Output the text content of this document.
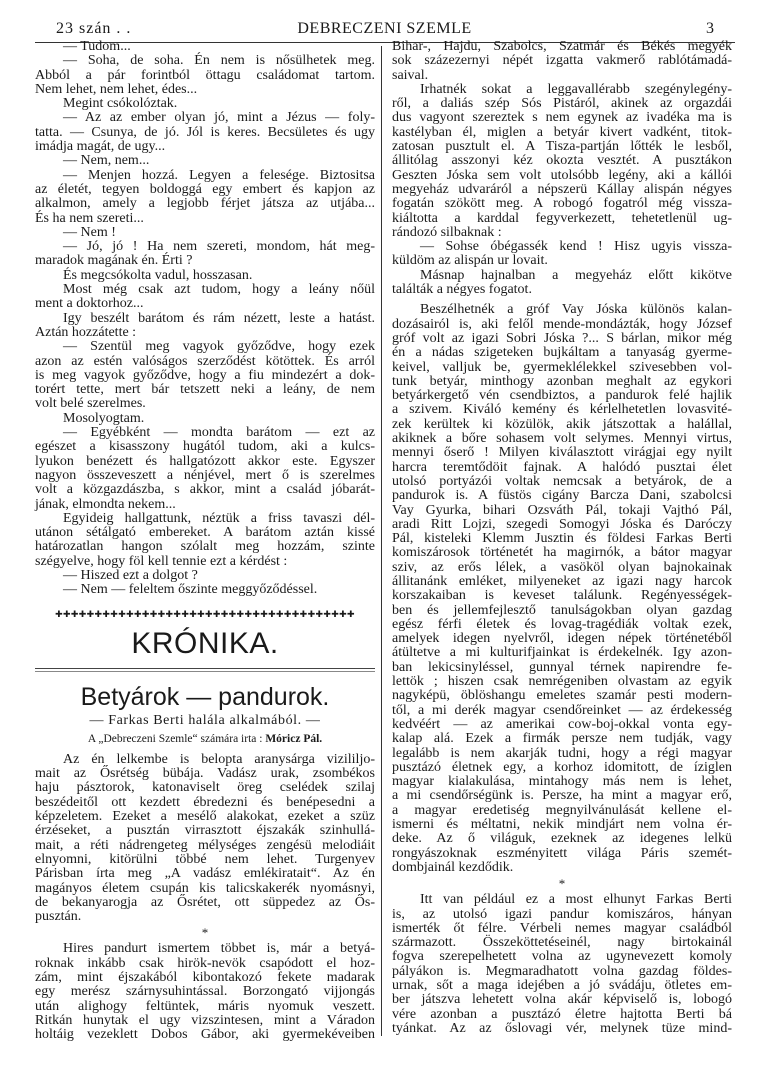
23 szán . .	DEBRECZENI SZEMLE	3
— Tudom...
— Soha, de soha. Én nem is nősülhetek meg.
Abból a pár forintból öttagu családomat tartom.
Nem lehet, nem lehet, édes...
Megint csókolóztak.
— Az az ember olyan jó, mint a Jézus — foly-
tatta. — Csunya, de jó. Jól is keres. Becsületes és ugy
imádja magát, de ugy...
— Nem, nem...
— Menjen hozzá. Legyen a felesége. Biztositsa
az életét, tegyen boldoggá egy embert és kapjon az
alkalmon, amely a legjobb férjet játsza az utjába...
És ha nem szereti...
— Nem !
— Jó, jó ! Ha nem szereti, mondom, hát meg-
maradok magának én. Érti ?
És megcsókolta vadul, hosszasan.
Most még csak azt tudom, hogy a leány nőül
ment a doktorhoz...
Igy beszélt barátom és rám nézett, leste a hatást.
Aztán hozzátette :
— Szentül meg vagyok győződve, hogy ezek
azon az estén valóságos szerződést kötöttek. És arról
is meg vagyok győződve, hogy a fiu mindezért a dok-
torért tette, mert bár tetszett neki a leány, de nem
volt belé szerelmes.
Mosolyogtam.
— Egyébként — mondta barátom — ezt az
egészet a kisasszony hugától tudom, aki a kulcs-
lyukon benézett és hallgatózott akkor este. Egyszer
nagyon összeveszett a nénjével, mert ő is szerelmes
volt a közgazdászba, s akkor, mint a család jóbarát-
jának, elmondta nekem...
Egyideig hallgattunk, néztük a friss tavaszi dél-
utánon sétálgató embereket. A barátom aztán kissé
határozatlan hangon szólalt meg hozzám, szinte
szégyelve, hogy föl kell tennie ezt a kérdést :
— Hiszed ezt a dolgot ?
— Nem — feleltem őszinte meggyőződéssel.
✚✚✚✚✚✚✚✚✚✚✚✚✚✚✚✚✚✚✚✚✚✚✚✚✚✚✚✚✚✚✚✚✚✚✚✚✚✚
KRÓNIKA.
Betyárok — pandurok.
— Farkas Berti halála alkalmából. —
A „Debreczeni Szemle“ számára irta : Móricz Pál.
Az én lelkembe is belopta aranysárga vizililjo-
mait az Ősrétség bübája. Vadász urak, zsombékos
haju pásztorok, katonaviselt öreg cselédek szilaj
beszédeitől ott kezdett ébredezni és benépesedni a
képzeletem. Ezeket a mesélő alakokat, ezeket a szüz
érzéseket, a pusztán virrasztott éjszakák szinhullá-
mait, a réti nádrengeteg mélységes zengésü melodiáit
elnyomni, kitörülni többé nem lehet. Turgenyev
Párisban írta meg „A vadász emlékiratait“. Az én
magányos életem csupán kis talicskakerék nyomásnyi,
de bekanyarogja az Ősrétet, ott süppedez az Ős-
pusztán.
*
Hires pandurt ismertem többet is, már a betyá-
roknak inkább csak hirök-nevök csapódott el hoz-
zám, mint éjszakából kibontakozó fekete madarak
egy merész szárnysuhintással. Borzongató vijjongás
után alighogy feltüntek, máris nyomuk veszett.
Ritkán hunytak el ugy vizszintesen, mint a Váradon
holtáig vezeklett Dobos Gábor, aki gyermekéveiben
Bihar-, Hajdu, Szabolcs, Szatmár és Békés megyék
sok százezernyi népét izgatta vakmerő rablótámadá-
saival.
Irhatnék sokat a leggavallérabb szegénylegény-
ről, a daliás szép Sós Pistáról, akinek az orgazdái
dus vagyont szereztek s nem egynek az ivadéka ma is
kastélyban él, miglen a betyár kivert vadként, titok-
zatosan pusztult el. A Tisza-partján lőtték le lesből,
állitólag asszonyi kéz okozta vesztét. A pusztákon
Geszten Jóska sem volt utolsóbb legény, aki a kállói
megyeház udvaráról a népszerü Kállay alispán négyes
fogatán szökött meg. A robogó fogatról még vissza-
kiáltotta a karddal fegyverkezett, tehetetlenül ug-
rándozó silbaknak :
— Sohse óbégassék kend ! Hisz ugyis vissza-
küldöm az alispán ur lovait.
Másnap hajnalban a megyeház előtt kikötve
találták a négyes fogatot.
Beszélhetnék a gróf Vay Jóska különös kalan-
dozásairól is, aki felől mende-mondázták, hogy József
gróf volt az igazi Sobri Jóska ?... S bárlan, mikor még
én a nádas szigeteken bujkáltam a tanyaság gyerme-
keivel, valljuk be, gyermeklélekkel szivesebben vol-
tunk betyár, minthogy azonban meghalt az egykori
betyárkergető vén csendbiztos, a pandurok felé hajlik
a szivem. Kiváló kemény és kérlelhetetlen lovasvité-
zek kerültek ki közülök, akik játszottak a halállal,
akiknek a bőre sohasem volt selymes. Mennyi virtus,
mennyi őserő ! Milyen kiválasztott virágjai egy nyilt
harcra teremtődöit fajnak. A halódó pusztai élet
utolsó portyázói voltak nemcsak a betyárok, de a
pandurok is. A füstös cigány Barcza Dani, szabolcsi
Vay Gyurka, bihari Ozsváth Pál, tokaji Vajthó Pál,
aradi Ritt Lojzi, szegedi Somogyi Jóska és Daróczy
Pál, kisteleki Klemm Jusztin és földesi Farkas Berti
komiszárosok történetét ha magirnók, a bátor magyar
sziv, az erős lélek, a vasököl olyan bajnokainak
állitanánk emléket, milyeneket az igazi nagy harcok
korszakaiban is keveset találunk. Regényességek-
ben és jellemfejlesztő tanulságokban olyan gazdag
egész férfi életek és lovag-tragédiák voltak ezek,
amelyek idegen nyelvről, idegen népek történetéből
átültetve a mi kulturifjainkat is érdekelnék. Igy azon-
ban lekicsinyléssel, gunnyal térnek napirendre fe-
lettök ; hiszen csak nemrégeniben olvastam az egyik
nagyképü, öblöshangu emeletes szamár pesti modern-
től, a mi derék magyar csendőreinket — az érdekesség
kedvéért — az amerikai cow-boj-okkal vonta egy-
kalap alá. Ezek a firmák persze nem tudják, vagy
legalább is nem akarják tudni, hogy a régi magyar
pusztázó életnek egy, a korhoz idomitott, de íziglen
magyar kialakulása, mintahogy más nem is lehet,
a mi csendőrségünk is. Persze, ha mint a magyar erő,
a magyar eredetiség megnyilvánulását kellene el-
ismerni és méltatni, nekik mindjárt nem volna ér-
deke. Az ő világuk, ezeknek az idegenes lelkü
rongyászoknak eszményitett világa Páris szemét-
dombjainál kezdődik.
*
Itt van például ez a most elhunyt Farkas Berti
is, az utolsó igazi pandur komiszáros, hányan
ismerték őt félre. Vérbeli nemes magyar családból
származott. Összeköttetéseinél, nagy birtokainál
fogva szerepelhetett volna az ugynevezett komoly
pályákon is. Megmaradhatott volna gazdag földes-
urnak, sőt a maga idejében a jó svádáju, ötletes em-
ber játszva lehetett volna akár képviselő is, lobogó
vére azonban a pusztázó életre hajtotta Berti bá
tyánkat. Az az őslovagi vér, melynek tüze mind-
